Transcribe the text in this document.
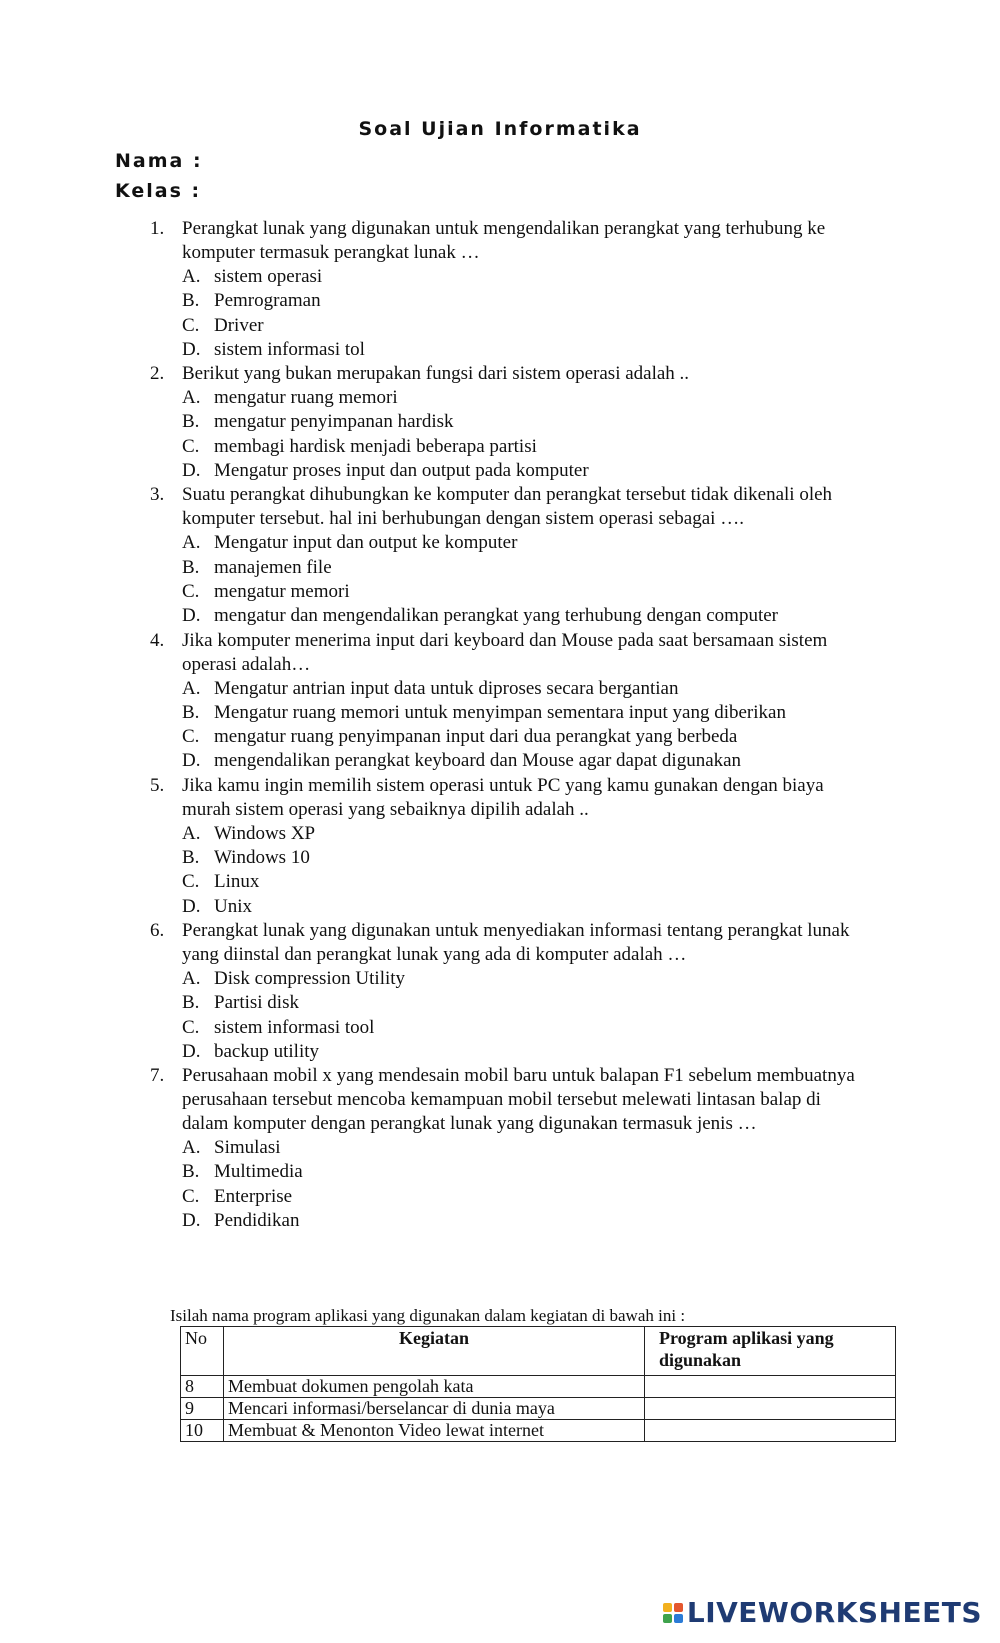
Soal Ujian Informatika
Nama :
Kelas :
1. Perangkat lunak yang digunakan untuk mengendalikan perangkat yang terhubung ke komputer termasuk perangkat lunak …
A. sistem operasi
B. Pemrograman
C. Driver
D. sistem informasi tol
2. Berikut yang bukan merupakan fungsi dari sistem operasi adalah ..
A. mengatur ruang memori
B. mengatur penyimpanan hardisk
C. membagi hardisk menjadi beberapa partisi
D. Mengatur proses input dan output pada komputer
3. Suatu perangkat dihubungkan ke komputer dan perangkat tersebut tidak dikenali oleh komputer tersebut. hal ini berhubungan dengan sistem operasi sebagai ….
A. Mengatur input dan output ke komputer
B. manajemen file
C. mengatur memori
D. mengatur dan mengendalikan perangkat yang terhubung dengan computer
4. Jika komputer menerima input dari keyboard dan Mouse pada saat bersamaan sistem operasi adalah…
A. Mengatur antrian input data untuk diproses secara bergantian
B. Mengatur ruang memori untuk menyimpan sementara input yang diberikan
C. mengatur ruang penyimpanan input dari dua perangkat yang berbeda
D. mengendalikan perangkat keyboard dan Mouse agar dapat digunakan
5. Jika kamu ingin memilih sistem operasi untuk PC yang kamu gunakan dengan biaya murah sistem operasi yang sebaiknya dipilih adalah ..
A. Windows XP
B. Windows 10
C. Linux
D. Unix
6. Perangkat lunak yang digunakan untuk menyediakan informasi tentang perangkat lunak yang diinstal dan perangkat lunak yang ada di komputer adalah …
A. Disk compression Utility
B. Partisi disk
C. sistem informasi tool
D. backup utility
7. Perusahaan mobil x yang mendesain mobil baru untuk balapan F1 sebelum membuatnya perusahaan tersebut mencoba kemampuan mobil tersebut melewati lintasan balap di dalam komputer dengan perangkat lunak yang digunakan termasuk jenis …
A. Simulasi
B. Multimedia
C. Enterprise
D. Pendidikan
Isilah nama program aplikasi yang digunakan dalam kegiatan di bawah ini :
No	Kegiatan	Program aplikasi yang digunakan
8	Membuat dokumen pengolah kata	
9	Mencari informasi/berselancar di dunia maya	
10	Membuat & Menonton Video lewat internet	
LIVEWORKSHEETS
